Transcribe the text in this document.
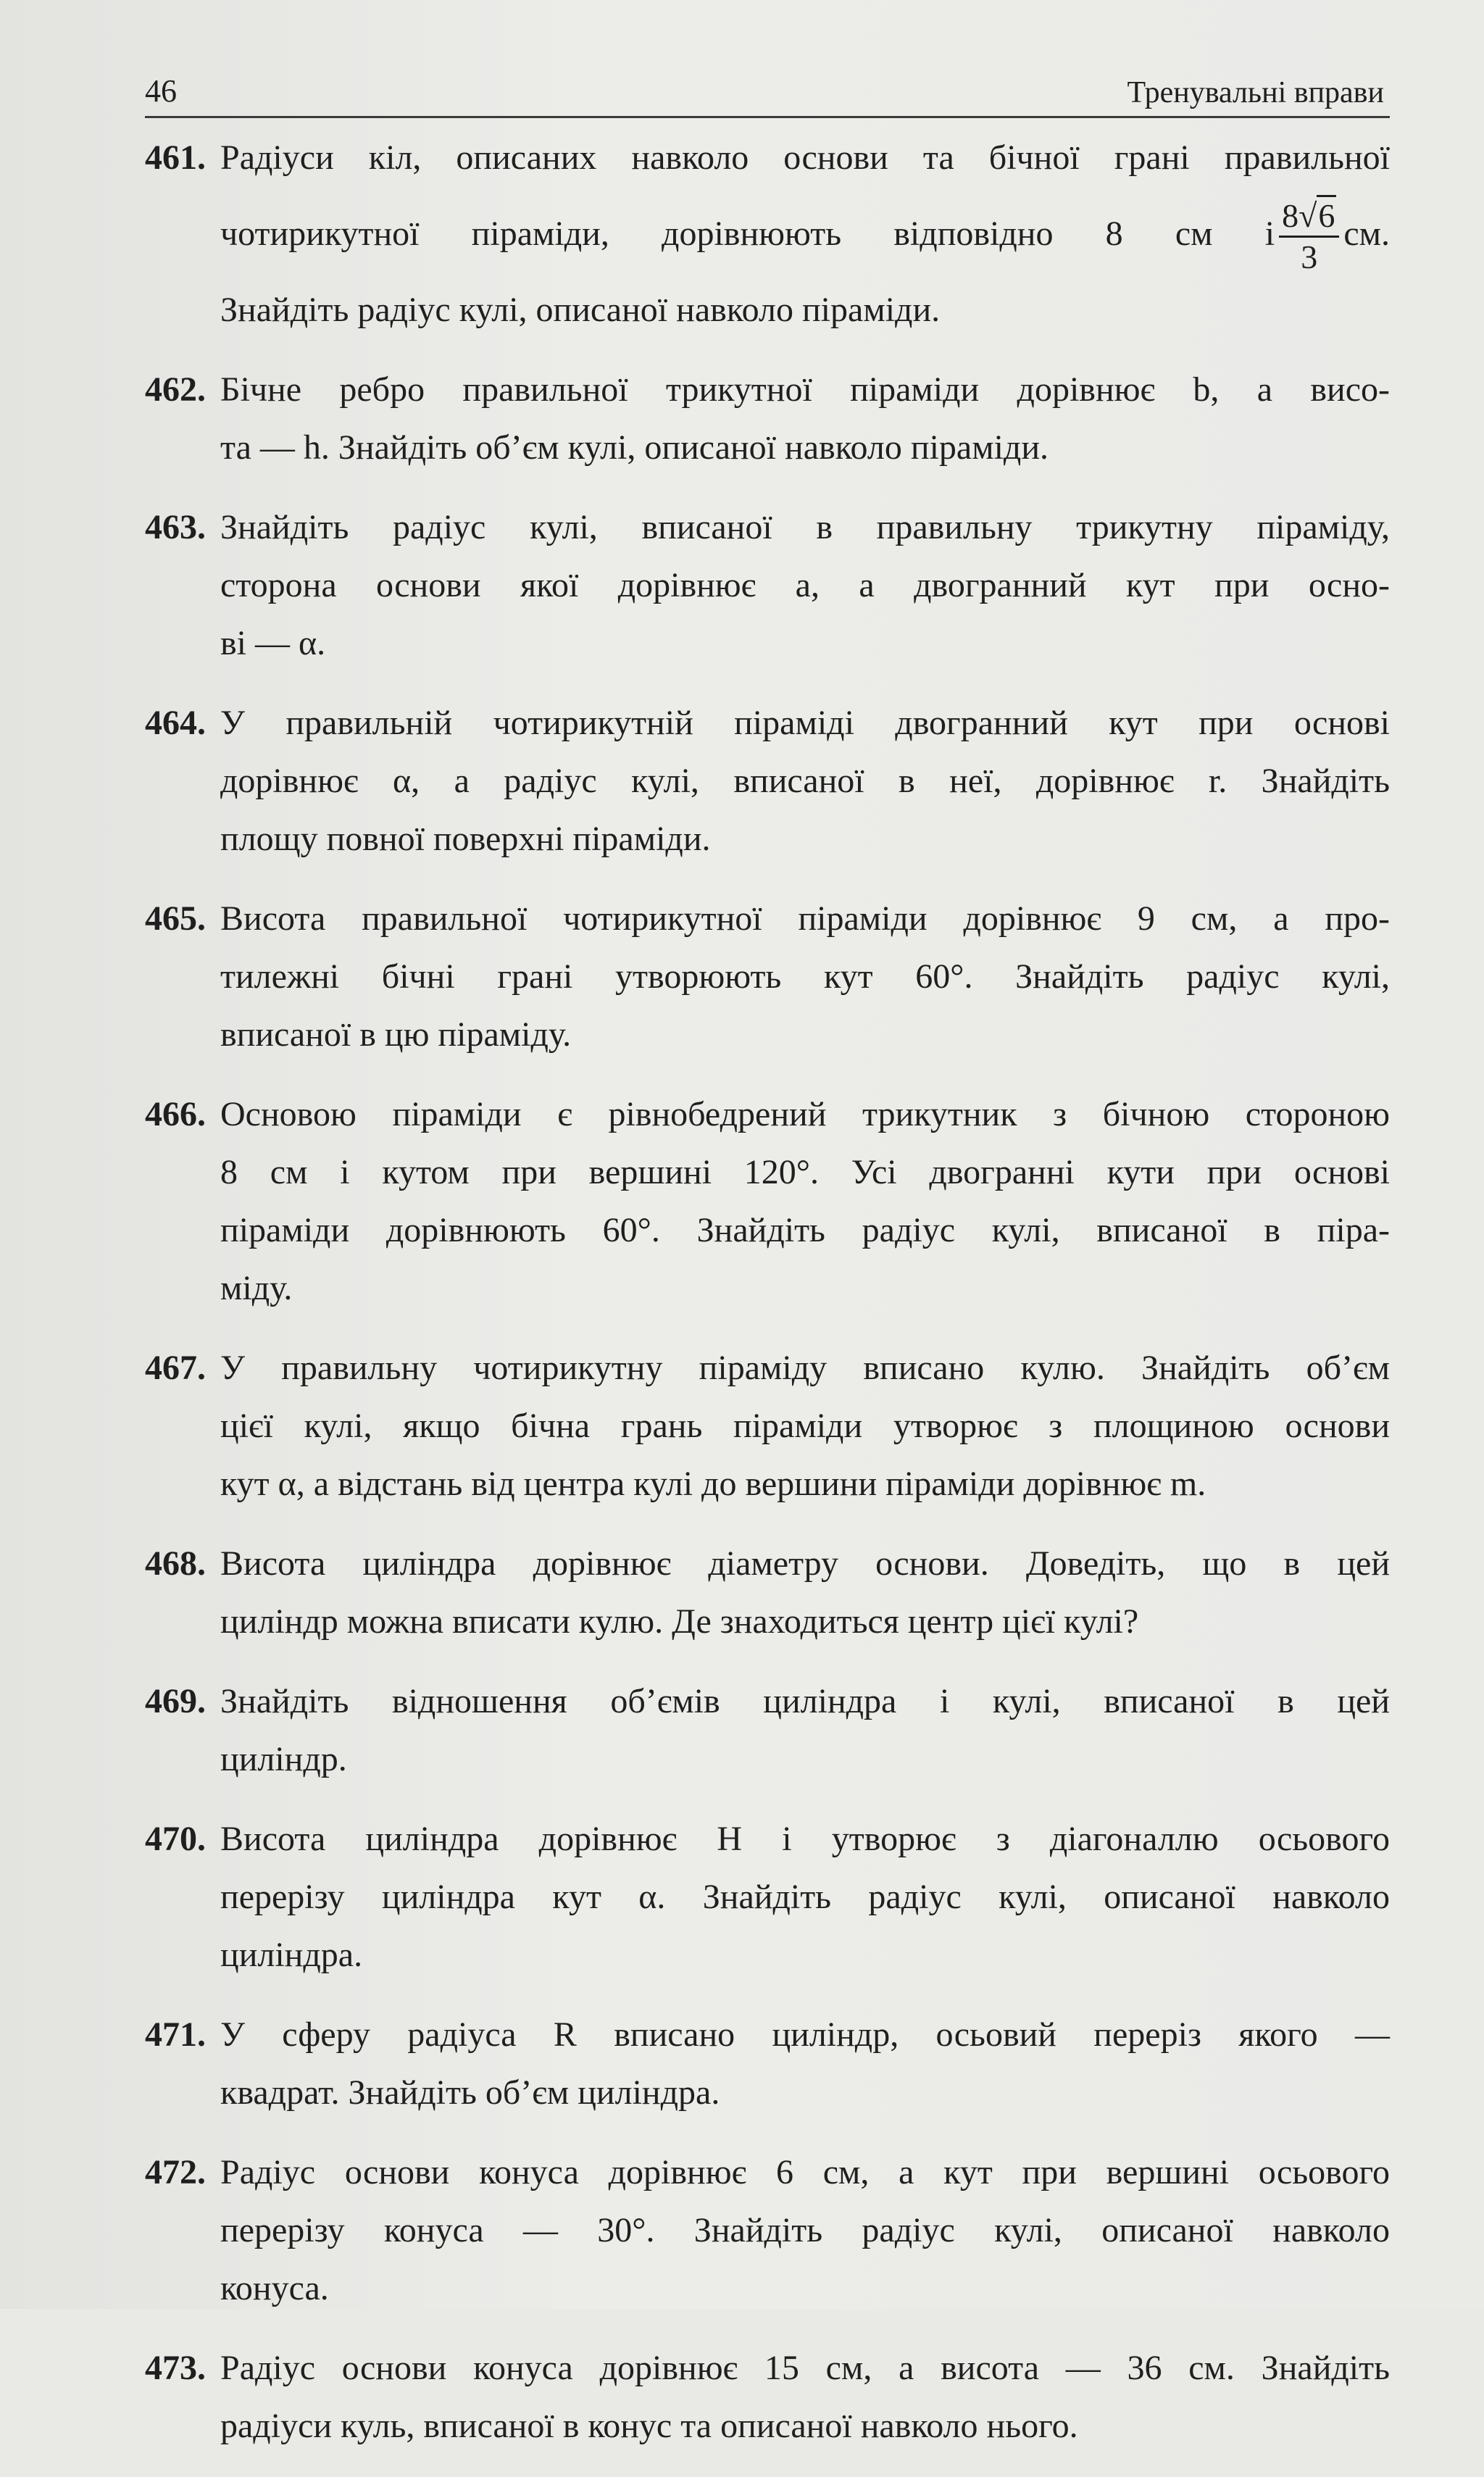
46	Тренувальні вправи
461. Радіуси кіл, описаних навколо основи та бічної грані правильної
чотирикутної піраміди, дорівнюють відповідно 8 см і $\frac{8√6}{3}$ см.
Знайдіть радіус кулі, описаної навколо піраміди.
462. Бічне ребро правильної трикутної піраміди дорівнює b, а висо-
та — h. Знайдіть об’єм кулі, описаної навколо піраміди.
463. Знайдіть радіус кулі, вписаної в правильну трикутну піраміду,
сторона основи якої дорівнює a, а двогранний кут при осно-
ві — α.
464. У правильній чотирикутній піраміді двогранний кут при основі
дорівнює α, а радіус кулі, вписаної в неї, дорівнює r. Знайдіть
площу повної поверхні піраміди.
465. Висота правильної чотирикутної піраміди дорівнює 9 см, а про-
тилежні бічні грані утворюють кут 60°. Знайдіть радіус кулі,
вписаної в цю піраміду.
466. Основою піраміди є рівнобедрений трикутник з бічною стороною
8 см і кутом при вершині 120°. Усі двогранні кути при основі
піраміди дорівнюють 60°. Знайдіть радіус кулі, вписаної в піра-
міду.
467. У правильну чотирикутну піраміду вписано кулю. Знайдіть об’єм
цієї кулі, якщо бічна грань піраміди утворює з площиною основи
кут α, а відстань від центра кулі до вершини піраміди дорівнює m.
468. Висота циліндра дорівнює діаметру основи. Доведіть, що в цей
циліндр можна вписати кулю. Де знаходиться центр цієї кулі?
469. Знайдіть відношення об’ємів циліндра і кулі, вписаної в цей
циліндр.
470. Висота циліндра дорівнює H і утворює з діагоналлю осьового
перерізу циліндра кут α. Знайдіть радіус кулі, описаної навколо
циліндра.
471. У сферу радіуса R вписано циліндр, осьовий переріз якого —
квадрат. Знайдіть об’єм циліндра.
472. Радіус основи конуса дорівнює 6 см, а кут при вершині осьового
перерізу конуса — 30°. Знайдіть радіус кулі, описаної навколо
конуса.
473. Радіус основи конуса дорівнює 15 см, а висота — 36 см. Знайдіть
радіуси куль, вписаної в конус та описаної навколо нього.
